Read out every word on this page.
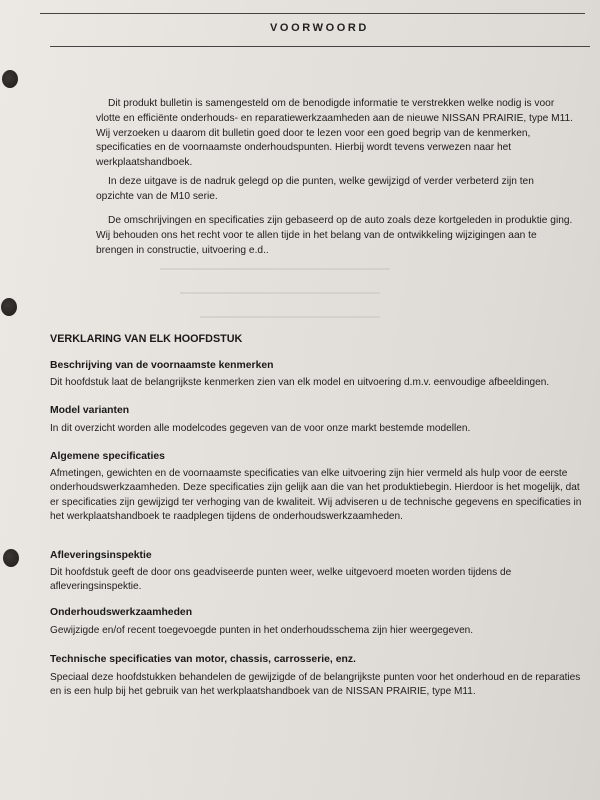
VOORWOORD

Dit produkt bulletin is samengesteld om de benodigde informatie te verstrekken welke nodig is voor vlotte en efficiënte onderhouds- en reparatiewerkzaamheden aan de nieuwe NISSAN PRAIRIE, type M11. Wij verzoeken u daarom dit bulletin goed door te lezen voor een goed begrip van de kenmerken, specificaties en de voornaamste onderhoudspunten. Hierbij wordt tevens verwezen naar het werkplaatshandboek.

In deze uitgave is de nadruk gelegd op die punten, welke gewijzigd of verder verbeterd zijn ten opzichte van de M10 serie.

De omschrijvingen en specificaties zijn gebaseerd op de auto zoals deze kortgeleden in produktie ging. Wij behouden ons het recht voor te allen tijde in het belang van de ontwikkeling wijzigingen aan te brengen in constructie, uitvoering e.d..

VERKLARING VAN ELK HOOFDSTUK
Beschrijving van de voornaamste kenmerken

Dit hoofdstuk laat de belangrijkste kenmerken zien van elk model en uitvoering d.m.v. eenvoudige afbeeldingen.

Model varianten

In dit overzicht worden alle modelcodes gegeven van de voor onze markt bestemde modellen.

Algemene specificaties

Afmetingen, gewichten en de voornaamste specificaties van elke uitvoering zijn hier vermeld als hulp voor de eerste onderhoudswerkzaamheden. Deze specificaties zijn gelijk aan die van het produktiebegin. Hierdoor is het mogelijk, dat er specificaties zijn gewijzigd ter verhoging van de kwaliteit. Wij adviseren u de technische gegevens en specificaties in het werkplaatshandboek te raadplegen tijdens de onderhoudswerkzaamheden.

Afleveringsinspektie

Dit hoofdstuk geeft de door ons geadviseerde punten weer, welke uitgevoerd moeten worden tijdens de afleveringsinspektie.

Onderhoudswerkzaamheden

Gewijzigde en/of recent toegevoegde punten in het onderhoudsschema zijn hier weergegeven.

Technische specificaties van motor, chassis, carrosserie, enz.

Speciaal deze hoofdstukken behandelen de gewijzigde of de belangrijkste punten voor het onderhoud en de reparaties en is een hulp bij het gebruik van het werkplaatshandboek van de NISSAN PRAIRIE, type M11.
